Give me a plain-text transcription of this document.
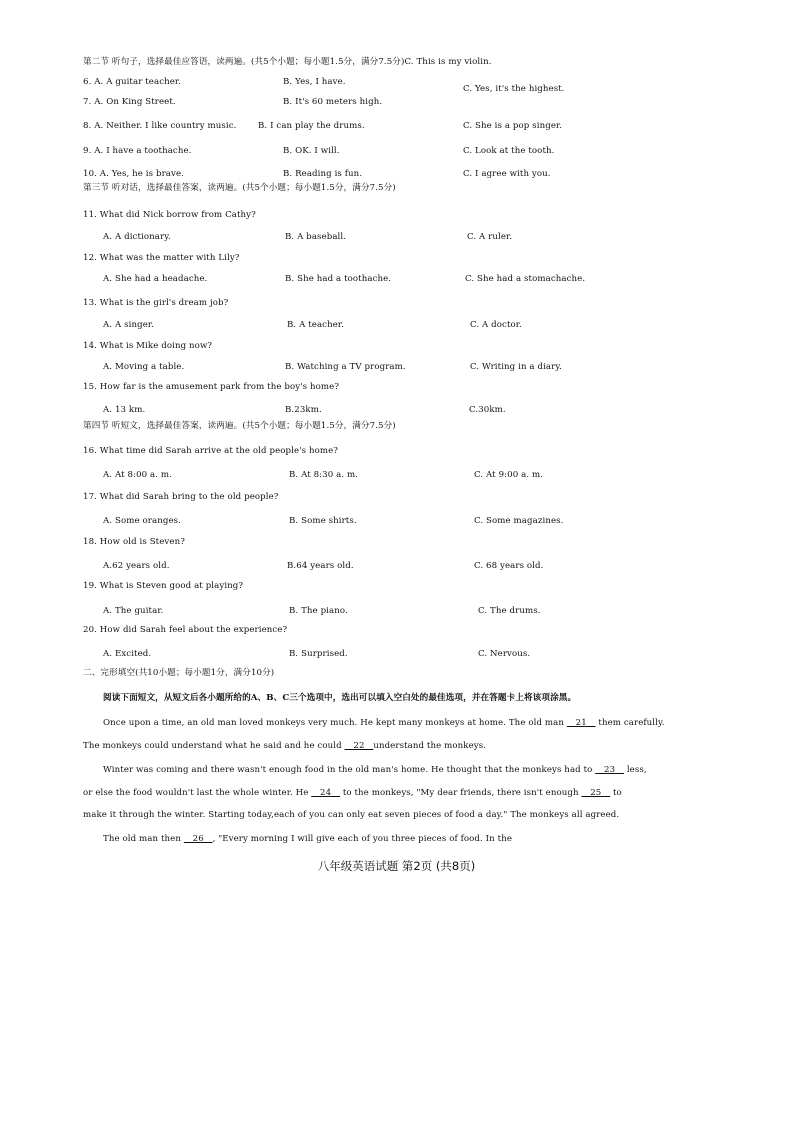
第二节 听句子，选择最佳应答语，读两遍。(共5个小题；每小题1.5分，满分7.5分)C. This is my violin.
6. A. A guitar teacher.	B. Yes, I have.
C. Yes, it's the highest.
7. A. On King Street.	B. It's 60 meters high.
8. A. Neither. I like country music.	B. I can play the drums.	C. She is a pop singer.
9. A. I have a toothache.	B. OK. I will.	C. Look at the tooth.
10. A. Yes, he is brave.	B. Reading is fun.	C. I agree with you.
第三节 听对话，选择最佳答案，读两遍。(共5个小题；每小题1.5分，满分7.5分)
11. What did Nick borrow from Cathy?
A. A dictionary.	B. A baseball.	C. A ruler.
12. What was the matter with Lily?
A. She had a headache.	B. She had a toothache.	C. She had a stomachache.
13. What is the girl's dream job?
A. A singer.	B. A teacher.	C. A doctor.
14. What is Mike doing now?
A. Moving a table.	B. Watching a TV program.	C. Writing in a diary.
15. How far is the amusement park from the boy's home?
A. 13 km.	B.23km.	C.30km.
第四节 听短文，选择最佳答案，读两遍。(共5个小题；每小题1.5分，满分7.5分)
16. What time did Sarah arrive at the old people's home?
A. At 8:00 a. m.	B. At 8:30 a. m.	C. At 9:00 a. m.
17. What did Sarah bring to the old people?
A. Some oranges.	B. Some shirts.	C. Some magazines.
18. How old is Steven?
A.62 years old.	B.64 years old.	C. 68 years old.
19. What is Steven good at playing?
A. The guitar.	B. The piano.	C. The drums.
20. How did Sarah feel about the experience?
A. Excited.	B. Surprised.	C. Nervous.
二、完形填空(共10小题；每小题1分，满分10分)
阅读下面短文，从短文后各小题所给的A、B、C三个选项中，选出可以填入空白处的最佳选项，并在答题卡上将该项涂黑。
Once upon a time, an old man loved monkeys very much. He kept many monkeys at home. The old man __21__ them carefully.
The monkeys could understand what he said and he could __22__understand the monkeys.
Winter was coming and there wasn't enough food in the old man's home. He thought that the monkeys had to __23__ less,
or else the food wouldn't last the whole winter. He __24__ to the monkeys, "My dear friends, there isn't enough __25__ to
make it through the winter. Starting today,each of you can only eat seven pieces of food a day." The monkeys all agreed.
The old man then __26__, "Every morning I will give each of you three pieces of food. In the
八年级英语试题 第2页 (共8页)
